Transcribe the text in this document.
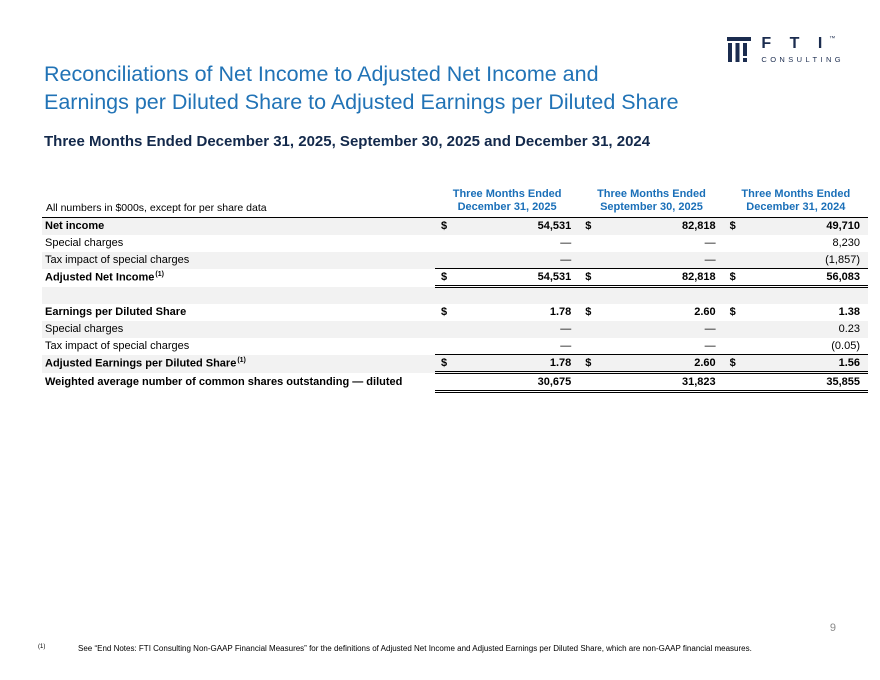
F T I™
CONSULTING
Reconciliations of Net Income to Adjusted Net Income and
Earnings per Diluted Share to Adjusted Earnings per Diluted Share
Three Months Ended December 31, 2025, September 30, 2025 and December 31, 2024
All numbers in $000s, except for per share data	Three Months Ended
December 31, 2025	Three Months Ended
September 30, 2025	Three Months Ended
December 31, 2024
Net income	$ 54,531	$ 82,818	$ 49,710
Special charges	—	—	8,230
Tax impact of special charges	—	—	(1,857)
Adjusted Net Income$^{(1)}$	$ 54,531	$ 82,818	$ 56,083

Earnings per Diluted Share	$ 1.78	$ 2.60	$ 1.38
Special charges	—	—	0.23
Tax impact of special charges	—	—	(0.05)
Adjusted Earnings per Diluted Share$^{(1)}$	$ 1.78	$ 2.60	$ 1.56
Weighted average number of common shares outstanding — diluted	30,675	31,823	35,855
9
(1)	See “End Notes: FTI Consulting Non-GAAP Financial Measures” for the definitions of Adjusted Net Income and Adjusted Earnings per Diluted Share, which are non-GAAP financial measures.
